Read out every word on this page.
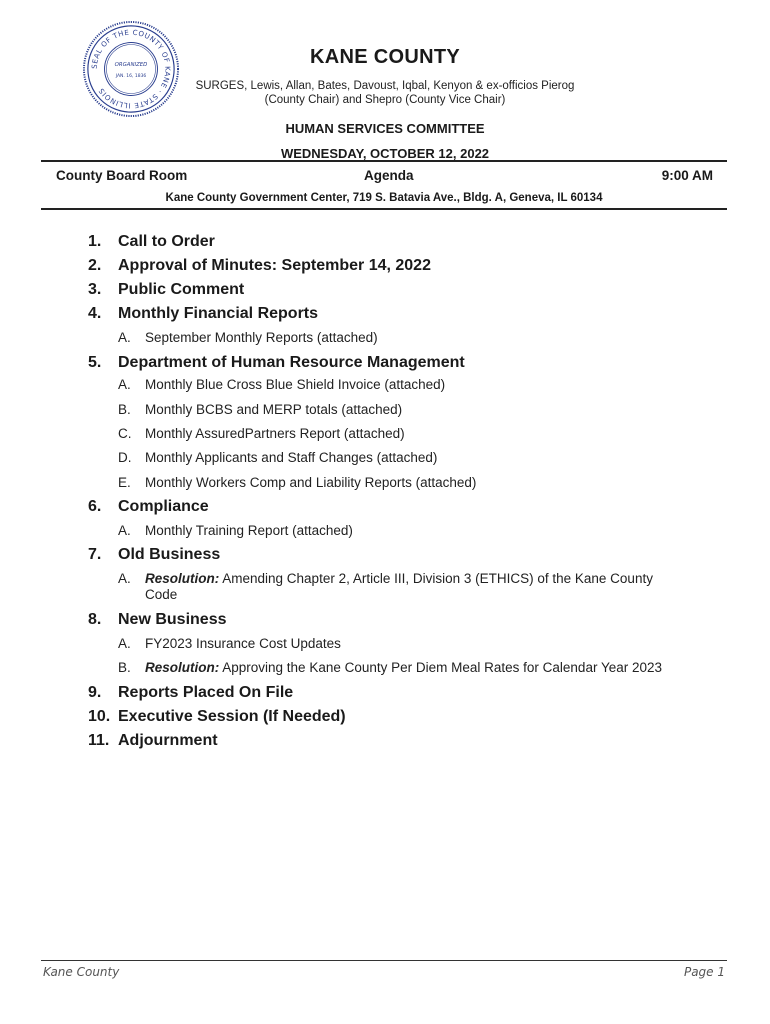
SEAL OF THE COUNTY OF KANE · STATE ILLINOIS
ORGANIZED
JAN. 16, 1836
KANE COUNTY
SURGES, Lewis, Allan, Bates, Davoust, Iqbal, Kenyon & ex-officios Pierog
(County Chair) and Shepro (County Vice Chair)
HUMAN SERVICES COMMITTEE
WEDNESDAY, OCTOBER 12, 2022
County Board Room	Agenda	9:00 AM
Kane County Government Center, 719 S. Batavia Ave., Bldg. A, Geneva, IL 60134
1. Call to Order
2. Approval of Minutes: September 14, 2022
3. Public Comment
4. Monthly Financial Reports
A. September Monthly Reports (attached)
5. Department of Human Resource Management
A. Monthly Blue Cross Blue Shield Invoice (attached)
B. Monthly BCBS and MERP totals (attached)
C. Monthly AssuredPartners Report (attached)
D. Monthly Applicants and Staff Changes (attached)
E. Monthly Workers Comp and Liability Reports (attached)
6. Compliance
A. Monthly Training Report (attached)
7. Old Business
A. Resolution: Amending Chapter 2, Article III, Division 3 (ETHICS) of the Kane County Code
8. New Business
A. FY2023 Insurance Cost Updates
B. Resolution: Approving the Kane County Per Diem Meal Rates for Calendar Year 2023
9. Reports Placed On File
10. Executive Session (If Needed)
11. Adjournment
Kane County	Page 1
